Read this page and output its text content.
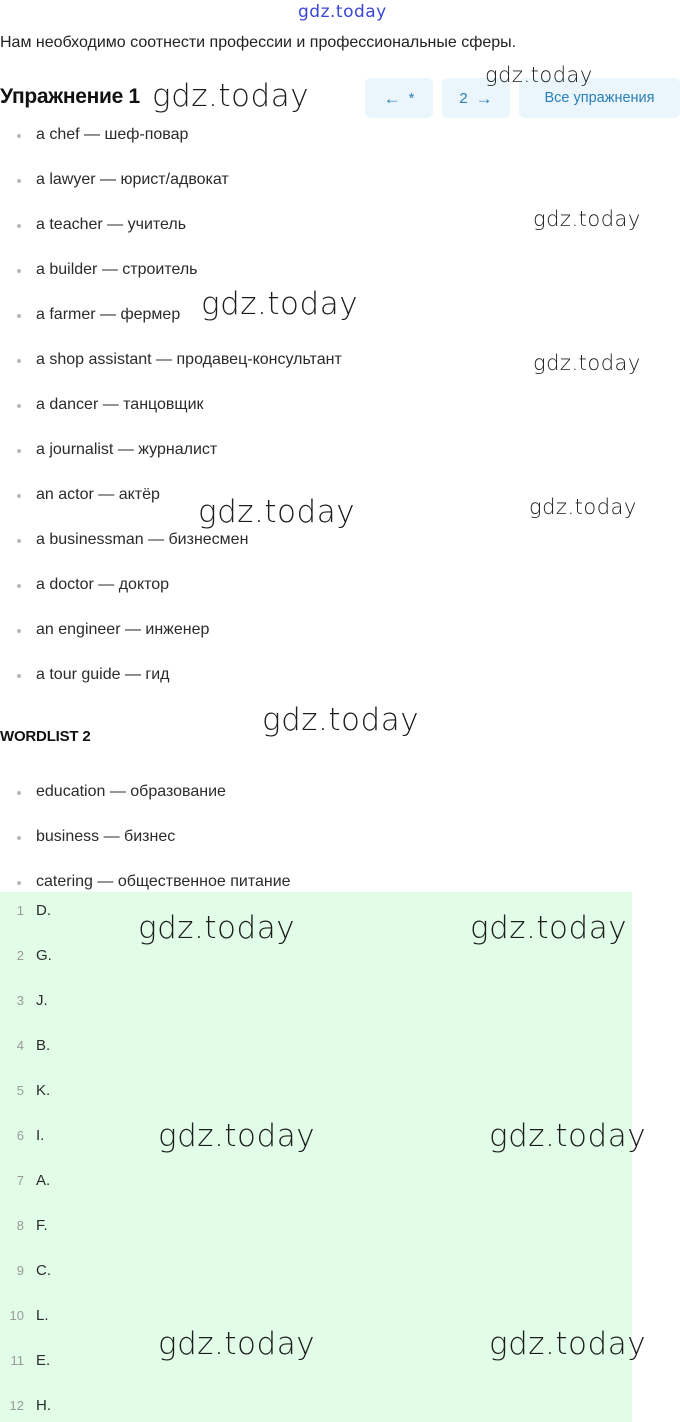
gdz.today
Нам необходимо соотнести профессии и профессиональные сферы.
Упражнение 1	← *	2 →	Все упражнения
a chef — шеф-повар
a lawyer — юрист/адвокат
a teacher — учитель
a builder — строитель
a farmer — фермер
a shop assistant — продавец-консультант
a dancer — танцовщик
a journalist — журналист
an actor — актёр
a businessman — бизнесмен
a doctor — доктор
an engineer — инженер
a tour guide — гид
WORDLIST 2
education — образование
business — бизнес
catering — общественное питание
1 D.
2 G.
3 J.
4 B.
5 K.
6 I.
7 A.
8 F.
9 C.
10 L.
11 E.
12 H.
gdz.today
gdz.today
gdz.today
gdz.today
gdz.today
gdz.today	gdz.today
gdz.today
gdz.today	gdz.today
gdz.today	gdz.today
gdz.today	gdz.today
